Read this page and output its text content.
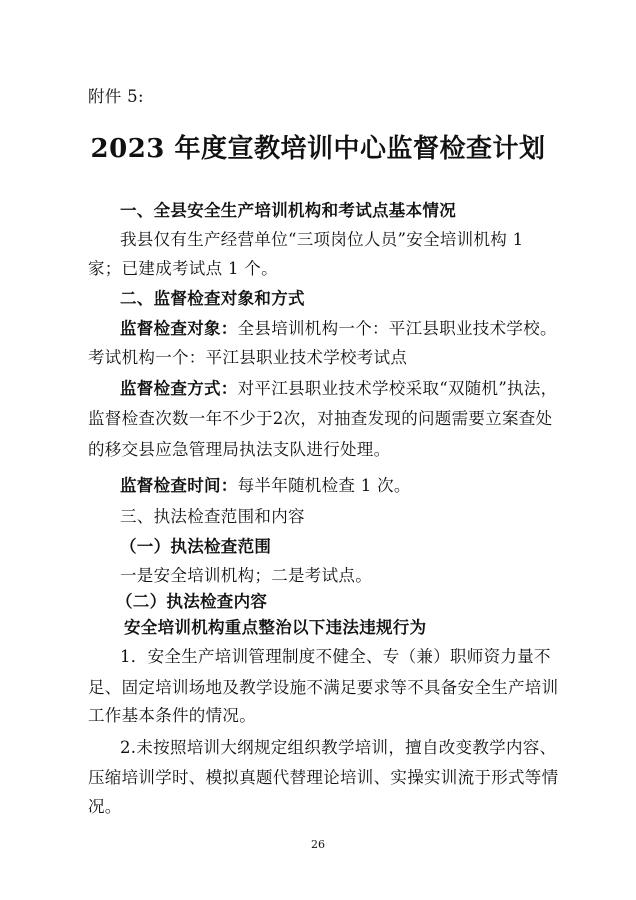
附件 5:
2023 年度宣教培训中心监督检查计划
一、全县安全生产培训机构和考试点基本情况
我县仅有生产经营单位“三项岗位人员”安全培训机构 1
家；已建成考试点 1 个。
二、监督检查对象和方式
监督检查对象：全县培训机构一个：平江县职业技术学校。
考试机构一个：平江县职业技术学校考试点
监督检查方式：对平江县职业技术学校采取“双随机”执法，
监督检查次数一年不少于2次，对抽查发现的问题需要立案查处
的移交县应急管理局执法支队进行处理。
监督检查时间：每半年随机检查 1 次。
三、执法检查范围和内容
（一）执法检查范围
一是安全培训机构；二是考试点。
（二）执法检查内容
安全培训机构重点整治以下违法违规行为
1．安全生产培训管理制度不健全、专（兼）职师资力量不
足、固定培训场地及教学设施不满足要求等不具备安全生产培训
工作基本条件的情况。
2.未按照培训大纲规定组织教学培训，擅自改变教学内容、
压缩培训学时、模拟真题代替理论培训、实操实训流于形式等情
况。
26
